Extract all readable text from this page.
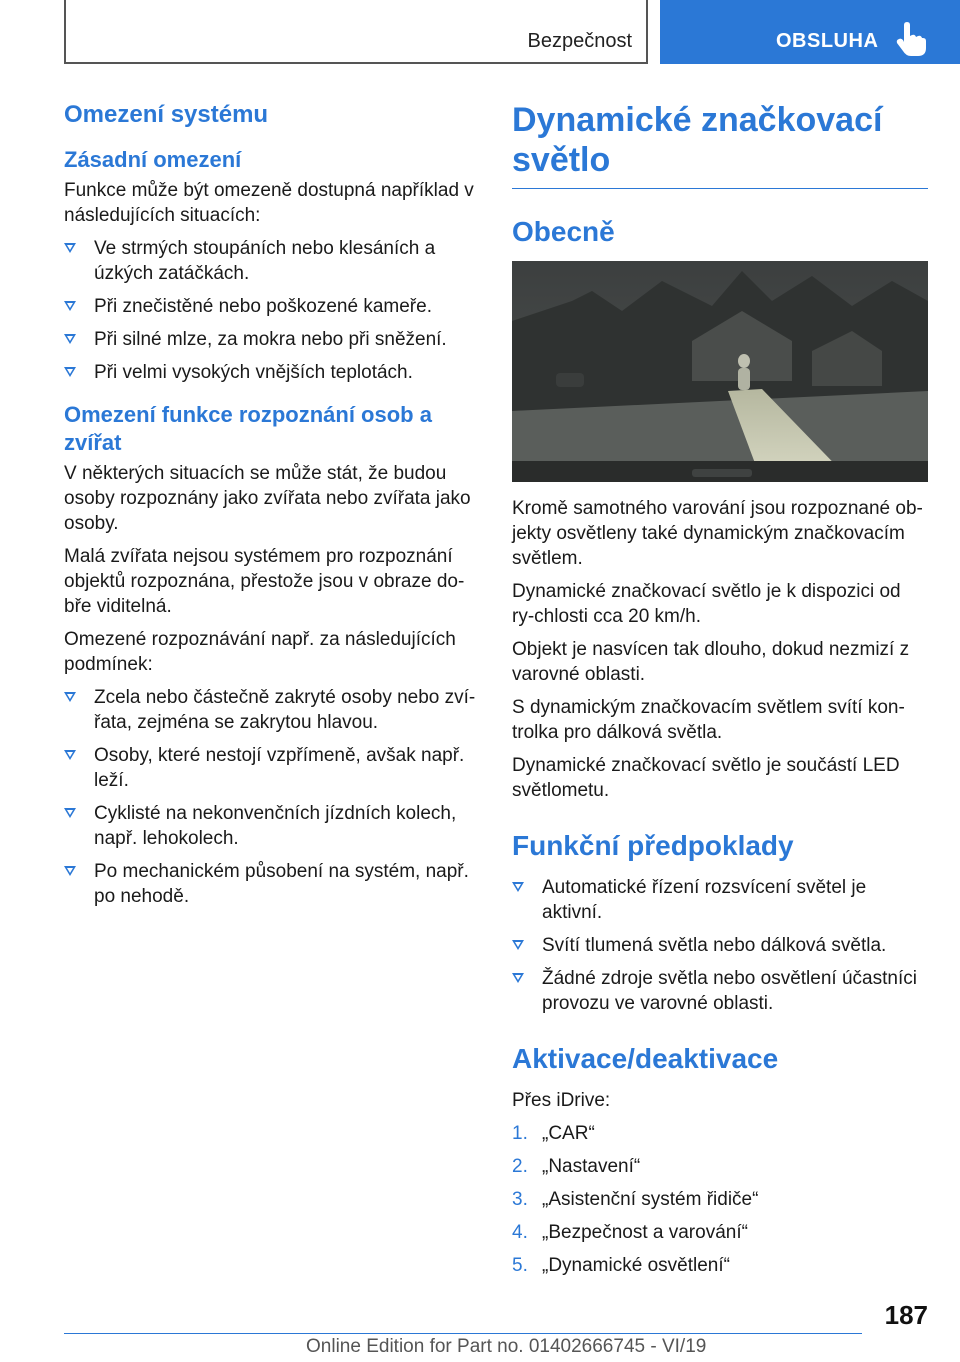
Bezpečnost	OBSLUHA
Omezení systému
Zásadní omezení

Funkce může být omezeně dostupná například v následujících situacích:

Ve strmých stoupáních nebo klesáních a úzkých zatáčkách.
Při znečistěné nebo poškozené kameře.
Při silné mlze, za mokra nebo při sněžení.
Při velmi vysokých vnějších teplotách.
Omezení funkce rozpoznání osob a zvířat

V některých situacích se může stát, že budou osoby rozpoznány jako zvířata nebo zvířata jako osoby.

Malá zvířata nejsou systémem pro rozpoznání objektů rozpoznána, přestože jsou v obraze do‐bře viditelná.

Omezené rozpoznávání např. za následujících podmínek:

Zcela nebo částečně zakryté osoby nebo zví‐řata, zejména se zakrytou hlavou.
Osoby, které nestojí vzpřímeně, avšak např. leží.
Cyklisté na nekonvenčních jízdních kolech, např. lehokolech.
Po mechanickém působení na systém, např. po nehodě.
Dynamické značkovací světlo
Obecně

Kromě samotného varování jsou rozpoznané ob‐jekty osvětleny také dynamickým značkovacím světlem.

Dynamické značkovací světlo je k dispozici od ry‐chlosti cca 20 km/h.

Objekt je nasvícen tak dlouho, dokud nezmizí z varovné oblasti.

S dynamickým značkovacím světlem svítí kon‐trolka pro dálková světla.

Dynamické značkovací světlo je součástí LED světlometu.

Funkční předpoklady
Automatické řízení rozsvícení světel je aktivní.
Svítí tlumená světla nebo dálková světla.
Žádné zdroje světla nebo osvětlení účastníci provozu ve varovné oblasti.
Aktivace/deaktivace

Přes iDrive:

1. „CAR“
2. „Nastavení“
3. „Asistenční systém řidiče“
4. „Bezpečnost a varování“
5. „Dynamické osvětlení“
187
Online Edition for Part no. 01402666745 - VI/19
